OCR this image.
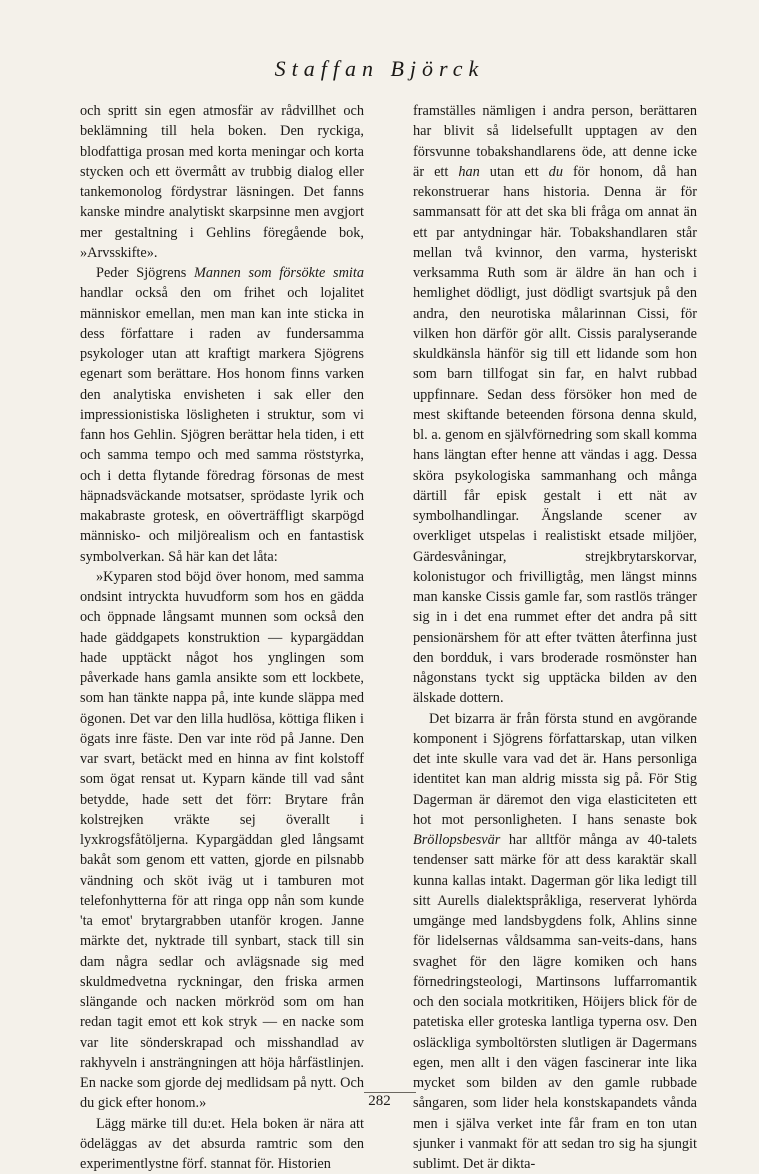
Staffan Björck

och spritt sin egen atmosfär av rådvillhet och beklämning till hela boken. Den ryckiga, blodfattiga prosan med korta meningar och korta stycken och ett övermått av trubbig dialog eller tankemonolog fördystrar läsningen. Det fanns kanske mindre analytiskt skarpsinne men avgjort mer gestaltning i Gehlins föregående bok, »Arvsskifte».

Peder Sjögrens Mannen som försökte smita handlar också den om frihet och lojalitet människor emellan, men man kan inte sticka in dess författare i raden av fundersamma psykologer utan att kraftigt markera Sjögrens egenart som berättare. Hos honom finns varken den analytiska envisheten i sak eller den impressionistiska lösligheten i struktur, som vi fann hos Gehlin. Sjögren berättar hela tiden, i ett och samma tempo och med samma röststyrka, och i detta flytande föredrag försonas de mest häpnadsväckande motsatser, sprödaste lyrik och makabraste grotesk, en oöverträffligt skarpögd människo- och miljörealism och en fantastisk symbolverkan. Så här kan det låta:

»Kyparen stod böjd över honom, med samma ondsint intryckta huvudform som hos en gädda och öppnade långsamt munnen som också den hade gäddgapets konstruktion — kypargäddan hade upptäckt något hos ynglingen som påverkade hans gamla ansikte som ett lockbete, som han tänkte nappa på, inte kunde släppa med ögonen. Det var den lilla hudlösa, köttiga fliken i ögats inre fäste. Den var inte röd på Janne. Den var svart, betäckt med en hinna av fint kolstoff som ögat rensat ut. Kyparn kände till vad sånt betydde, hade sett det förr: Brytare från kolstrejken vräkte sej överallt i lyxkrogsfåtöljerna. Kypargäddan gled långsamt bakåt som genom ett vatten, gjorde en pilsnabb vändning och sköt iväg ut i tamburen mot telefonhytterna för att ringa opp nån som kunde 'ta emot' brytargrabben utanför krogen. Janne märkte det, nyktrade till synbart, stack till sin dam några sedlar och avlägsnade sig med skuldmedvetna ryckningar, den friska armen slängande och nacken mörkröd som om han redan tagit emot ett kok stryk — en nacke som var lite sönderskrapad och misshandlad av rakhyveln i ansträngningen att höja hårfästlinjen. En nacke som gjorde dej medlidsam på nytt. Och du gick efter honom.»

Lägg märke till du:et. Hela boken är nära att ödeläggas av det absurda ramtric som den experimentlystne förf. stannat för. Historien

framställes nämligen i andra person, berättaren har blivit så lidelsefullt upptagen av den försvunne tobakshandlarens öde, att denne icke är ett han utan ett du för honom, då han rekonstruerar hans historia. Denna är för sammansatt för att det ska bli fråga om annat än ett par antydningar här. Tobakshandlaren står mellan två kvinnor, den varma, hysteriskt verksamma Ruth som är äldre än han och i hemlighet dödligt, just dödligt svartsjuk på den andra, den neurotiska målarinnan Cissi, för vilken hon därför gör allt. Cissis paralyserande skuldkänsla hänför sig till ett lidande som hon som barn tillfogat sin far, en halvt rubbad uppfinnare. Sedan dess försöker hon med de mest skiftande beteenden försona denna skuld, bl. a. genom en självförnedring som skall komma hans längtan efter henne att vändas i agg. Dessa sköra psykologiska sammanhang och många därtill får episk gestalt i ett nät av symbolhandlingar. Ängslande scener av overkliget utspelas i realistiskt etsade miljöer, Gärdesvåningar, strejkbrytarskorvar, kolonistugor och frivilligtåg, men längst minns man kanske Cissis gamle far, som rastlös tränger sig in i det ena rummet efter det andra på sitt pensionärshem för att efter tvätten återfinna just den bordduk, i vars broderade rosmönster han någonstans tyckt sig upptäcka bilden av den älskade dottern.

Det bizarra är från första stund en avgörande komponent i Sjögrens författarskap, utan vilken det inte skulle vara vad det är. Hans personliga identitet kan man aldrig missta sig på. För Stig Dagerman är däremot den viga elasticiteten ett hot mot personligheten. I hans senaste bok Bröllopsbesvär har alltför många av 40-talets tendenser satt märke för att dess karaktär skall kunna kallas intakt. Dagerman gör lika ledigt till sitt Aurells dialektspråkliga, reserverat lyhörda umgänge med landsbygdens folk, Ahlins sinne för lidelsernas våldsamma san-veits-dans, hans svaghet för den lägre komiken och hans förnedringsteologi, Martinsons luffarromantik och den sociala motkritiken, Höijers blick för de patetiska eller groteska lantliga typerna osv. Den osläckliga symboltörsten slutligen är Dagermans egen, men allt i den vägen fascinerar inte lika mycket som bilden av den gamle rubbade sångaren, som lider hela konstskapandets vånda men i själva verket inte får fram en ton utan sjunker i vanmakt för att sedan tro sig ha sjungit sublimt. Det är dikta-

282
